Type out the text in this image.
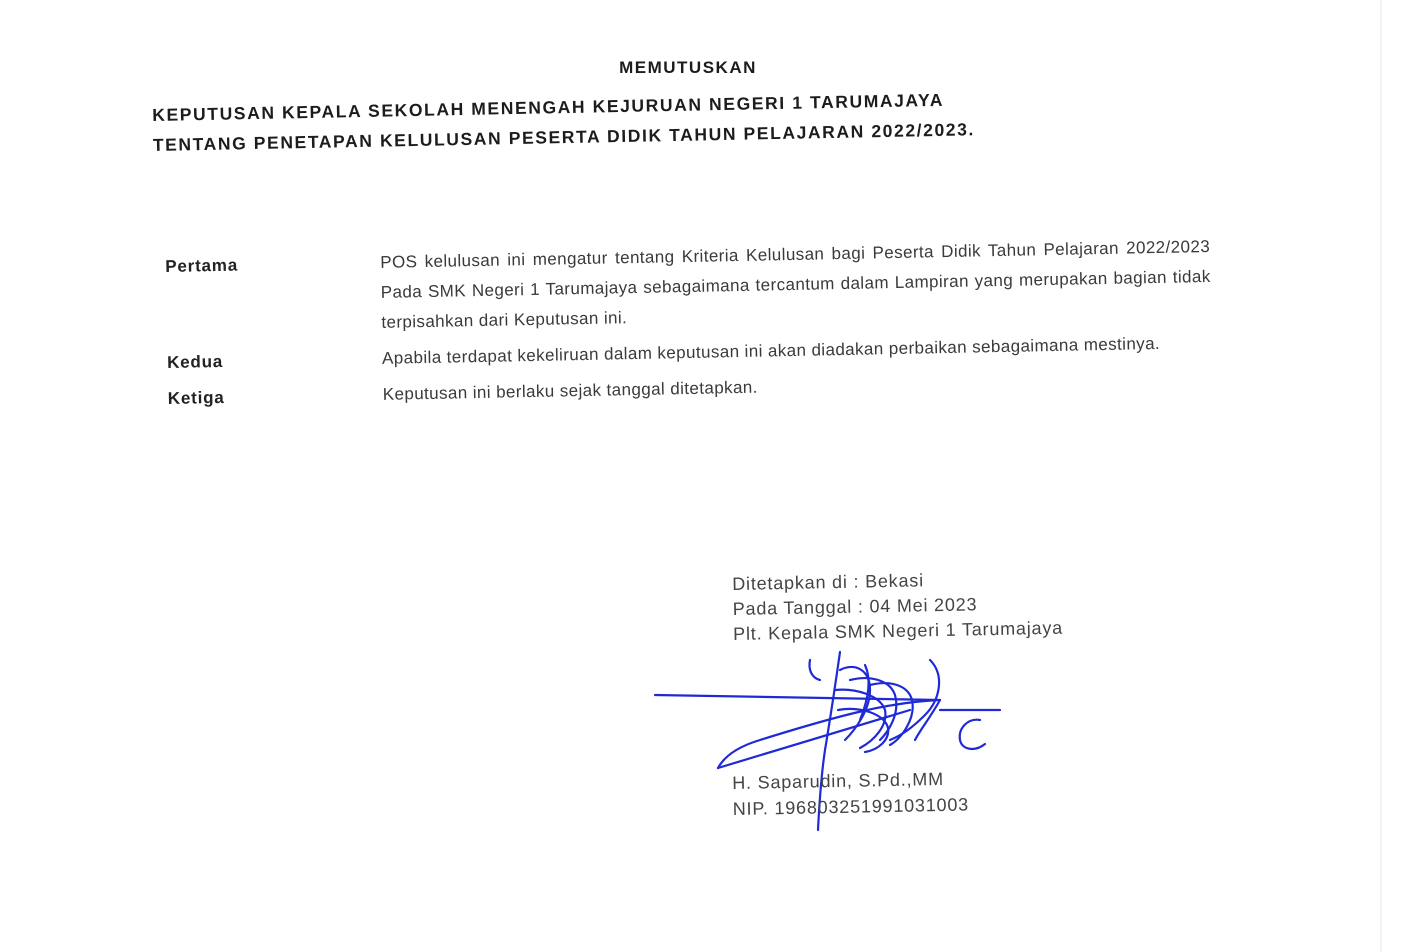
MEMUTUSKAN
KEPUTUSAN KEPALA SEKOLAH MENENGAH KEJURUAN NEGERI 1 TARUMAJAYA
TENTANG PENETAPAN KELULUSAN PESERTA DIDIK TAHUN PELAJARAN 2022/2023.
Pertama	POS kelulusan ini mengatur tentang Kriteria Kelulusan bagi Peserta Didik Tahun Pelajaran 2022/2023 Pada SMK Negeri 1 Tarumajaya sebagaimana tercantum dalam Lampiran yang merupakan bagian tidak terpisahkan dari Keputusan ini.
Kedua	Apabila terdapat kekeliruan dalam keputusan ini akan diadakan perbaikan sebagaimana mestinya.
Ketiga	Keputusan ini berlaku sejak tanggal ditetapkan.
Ditetapkan di : Bekasi
Pada Tanggal : 04 Mei 2023
Plt. Kepala SMK Negeri 1 Tarumajaya
H. Saparudin, S.Pd.,MM
NIP. 196803251991031003
